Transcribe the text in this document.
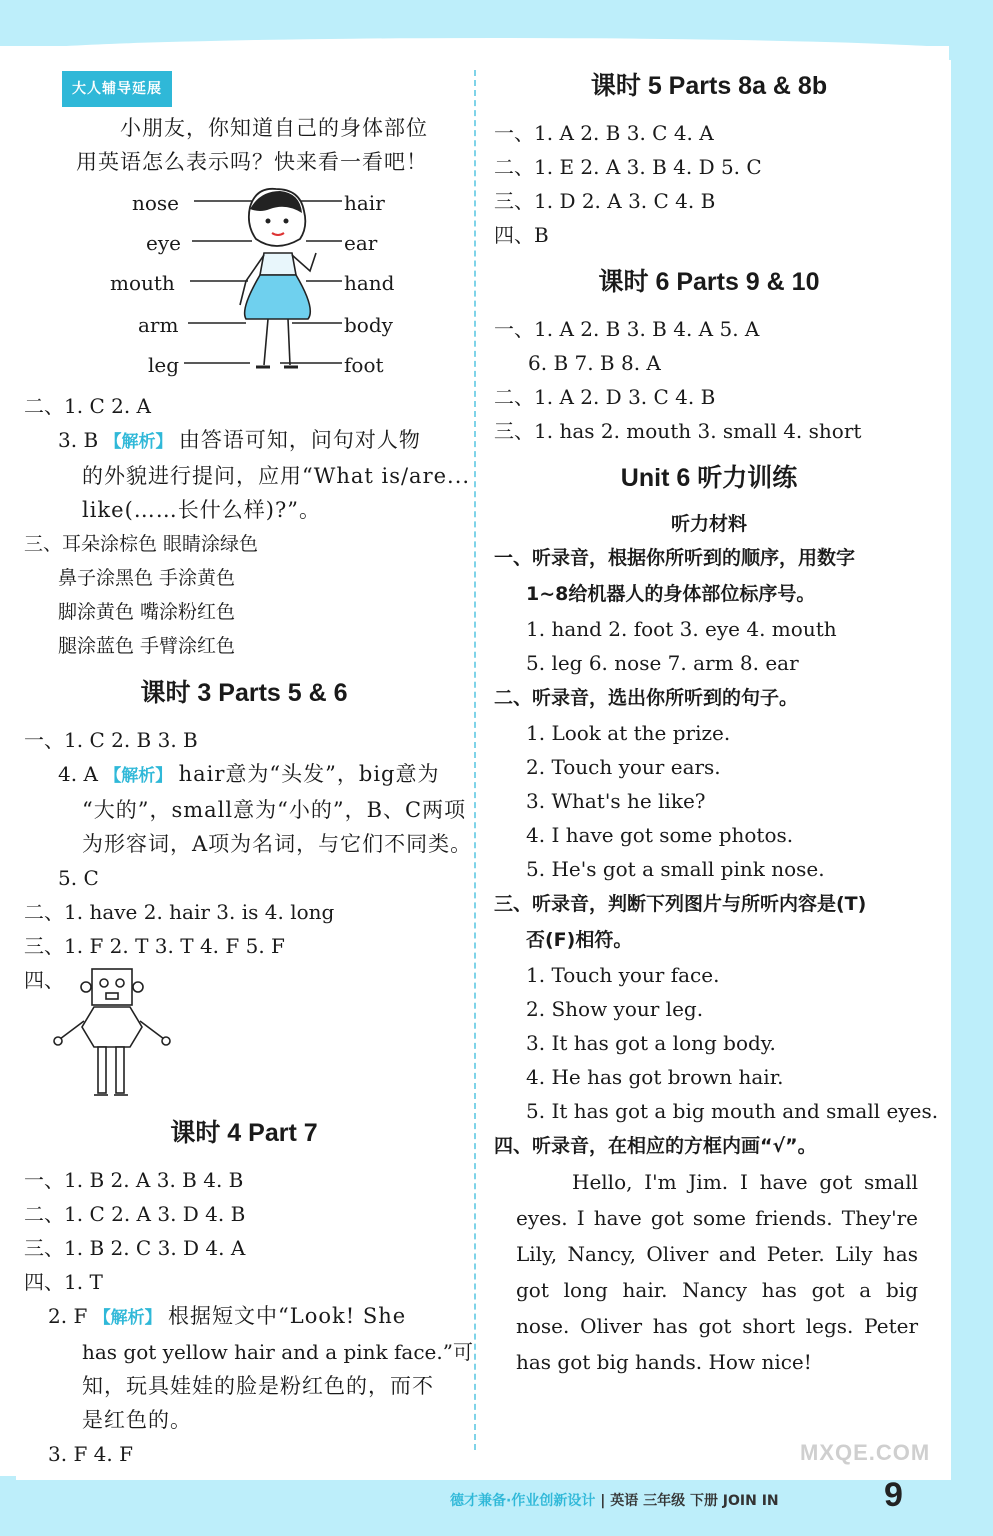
大人辅导延展
小朋友，你知道自己的身体部位
用英语怎么表示吗？快来看一看吧！
nose
eye
mouth
arm
leg
hair
ear
hand
body
foot
二、1. C 2. A
3. B 【解析】 由答语可知，问句对人物
的外貌进行提问，应用“What is/are...
like(……长什么样)?”。
三、耳朵涂棕色 眼睛涂绿色
鼻子涂黑色 手涂黄色
脚涂黄色 嘴涂粉红色
腿涂蓝色 手臂涂红色
课时 3 Parts 5 & 6
一、1. C 2. B 3. B
4. A 【解析】 hair意为“头发”，big意为
“大的”，small意为“小的”，B、C两项
为形容词，A项为名词，与它们不同类。
5. C
二、1. have 2. hair 3. is 4. long
三、1. F 2. T 3. T 4. F 5. F
四、
课时 4 Part 7
一、1. B 2. A 3. B 4. B
二、1. C 2. A 3. D 4. B
三、1. B 2. C 3. D 4. A
四、1. T
2. F 【解析】 根据短文中“Look! She
has got yellow hair and a pink face.”可
知，玩具娃娃的脸是粉红色的，而不
是红色的。
3. F 4. F
课时 5 Parts 8a & 8b
一、1. A 2. B 3. C 4. A
二、1. E 2. A 3. B 4. D 5. C
三、1. D 2. A 3. C 4. B
四、B
课时 6 Parts 9 & 10
一、1. A 2. B 3. B 4. A 5. A
6. B 7. B 8. A
二、1. A 2. D 3. C 4. B
三、1. has 2. mouth 3. small 4. short
Unit 6 听力训练
听力材料
一、听录音，根据你所听到的顺序，用数字
1~8给机器人的身体部位标序号。
1. hand 2. foot 3. eye 4. mouth
5. leg 6. nose 7. arm 8. ear
二、听录音，选出你所听到的句子。
1. Look at the prize.
2. Touch your ears.
3. What's he like?
4. I have got some photos.
5. He's got a small pink nose.
三、听录音，判断下列图片与所听内容是(T)
否(F)相符。
1. Touch your face.
2. Show your leg.
3. It has got a long body.
4. He has got brown hair.
5. It has got a big mouth and small eyes.
四、听录音，在相应的方框内画“√”。
Hello, I'm Jim. I have got small eyes. I have got some friends. They're Lily, Nancy, Oliver and Peter. Lily has got long hair. Nancy has got a big nose. Oliver has got short legs. Peter has got big hands. How nice!
MXQE.COM
德才兼备·作业创新设计 | 英语 三年级 下册 JOIN IN	9
